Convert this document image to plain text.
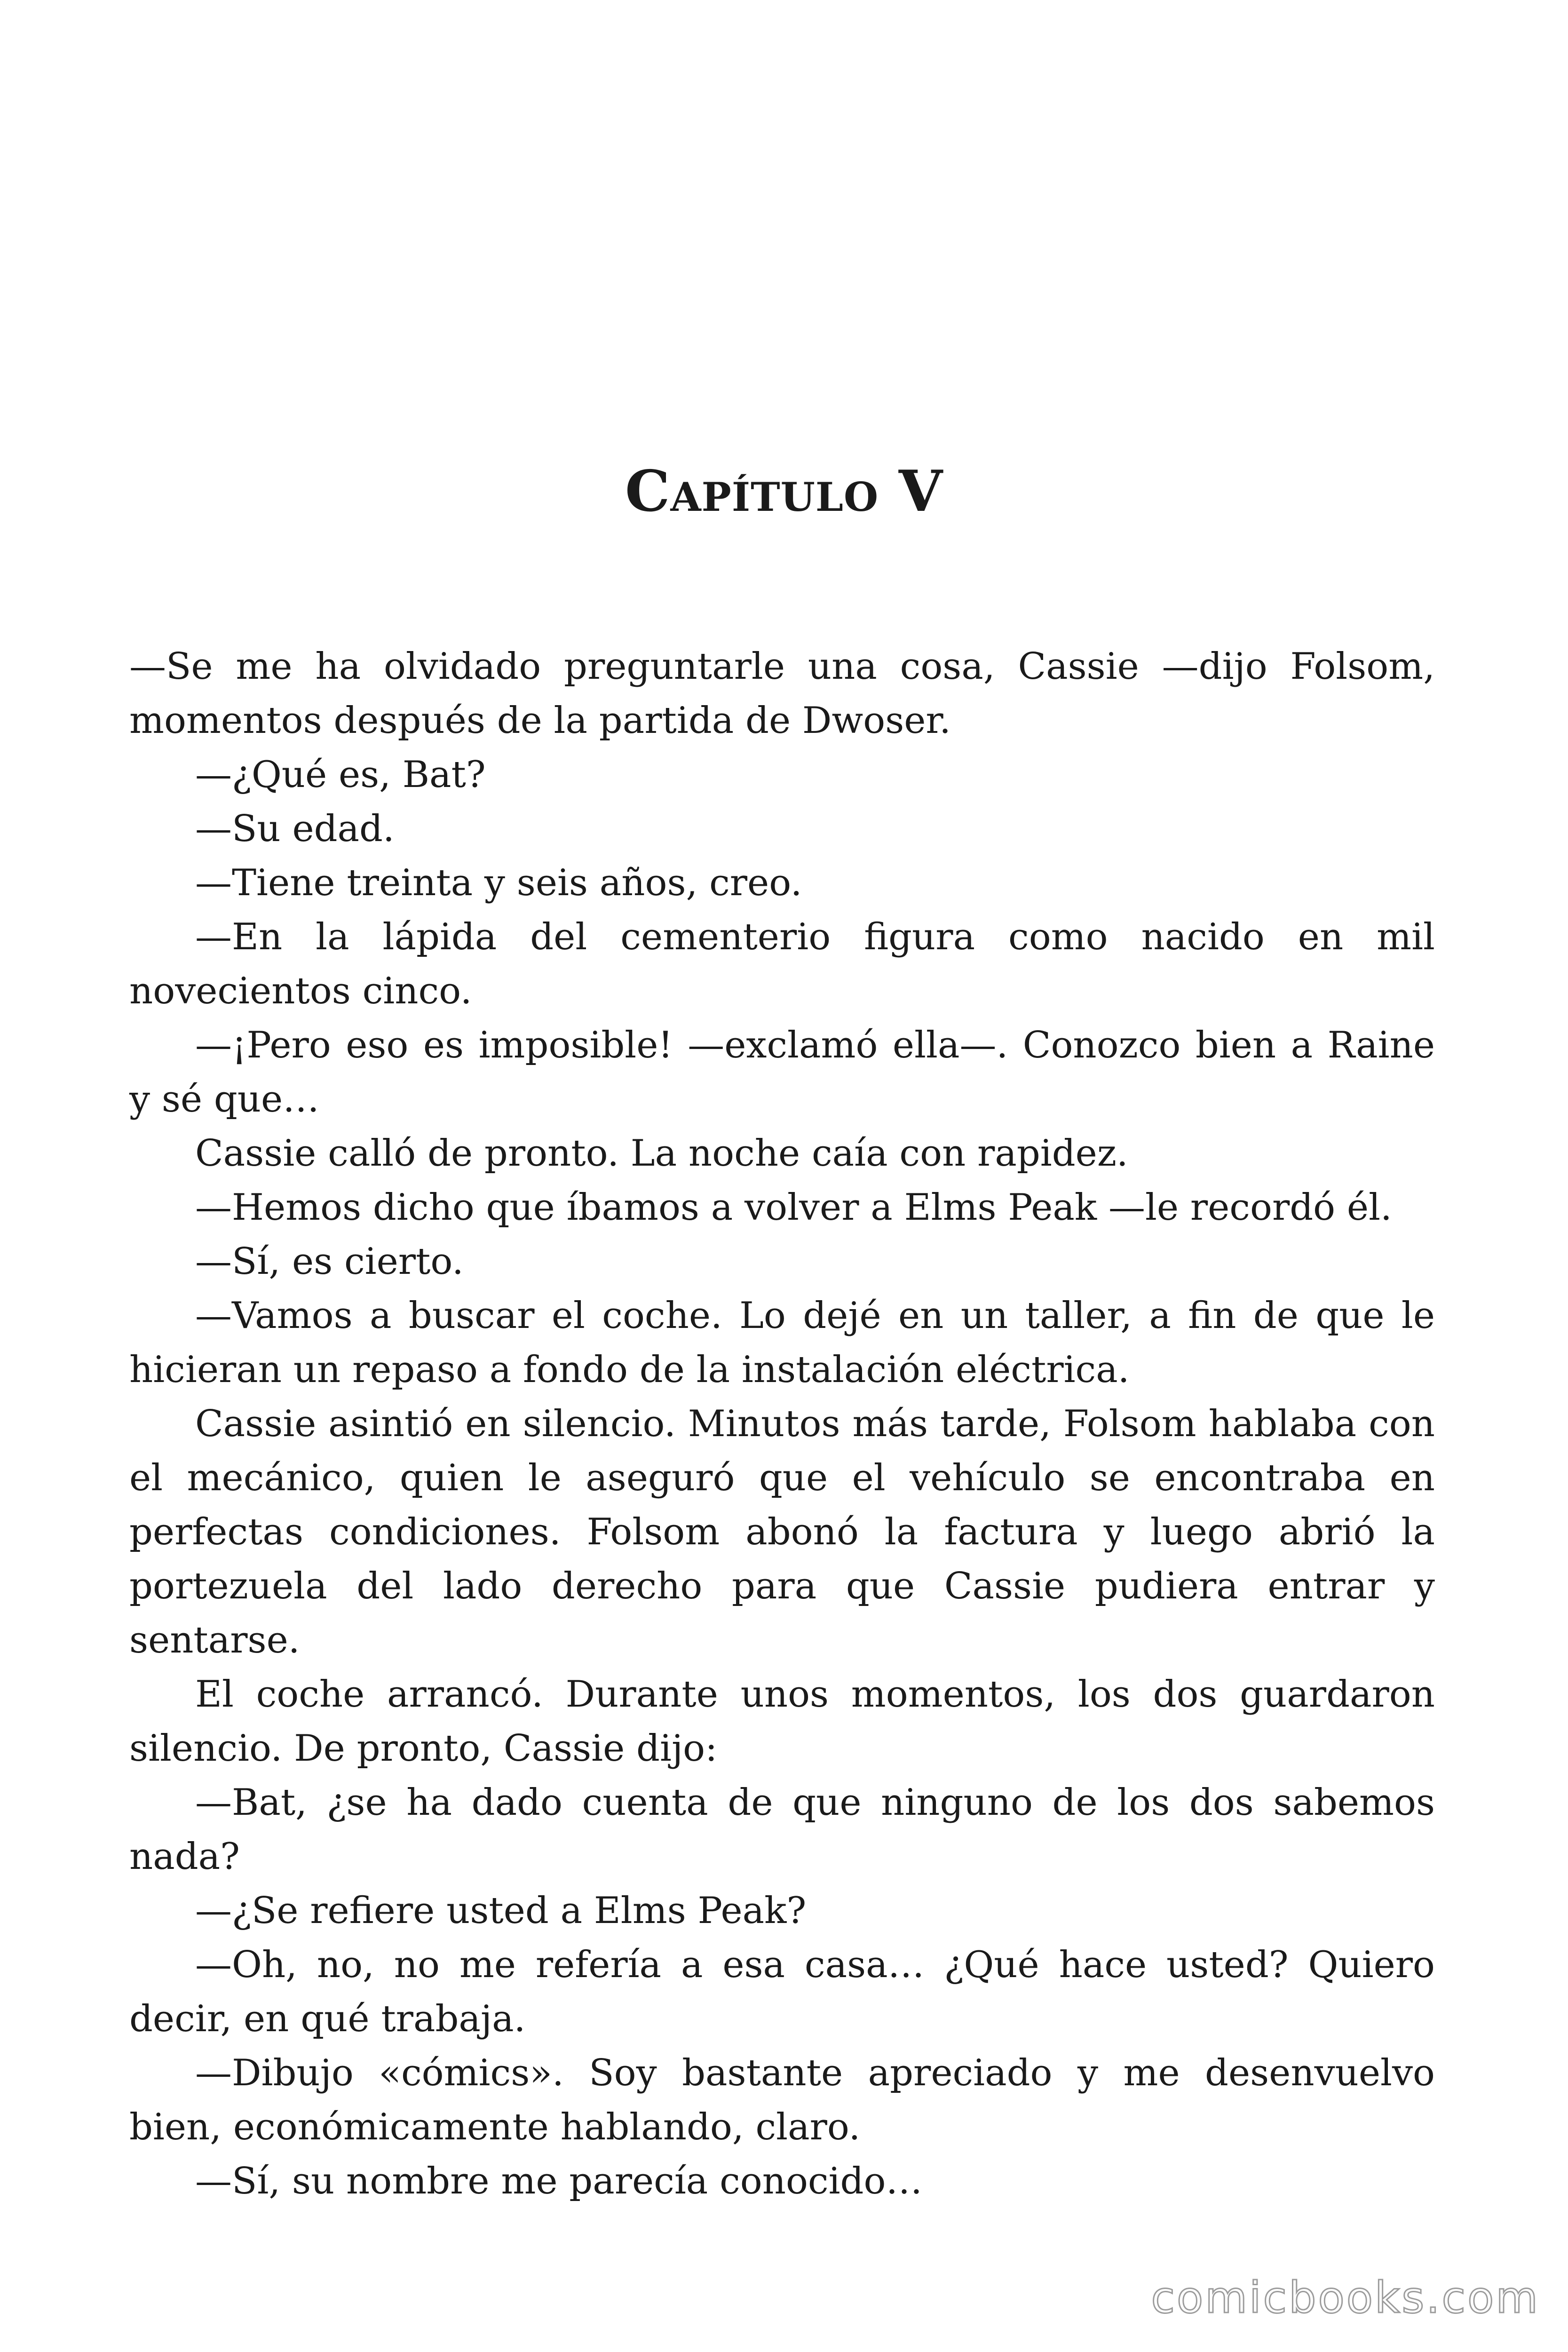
Capítulo V

—Se me ha olvidado preguntarle una cosa, Cassie —dijo Folsom, momentos después de la partida de Dwoser.

—¿Qué es, Bat?

—Su edad.

—Tiene treinta y seis años, creo.

—En la lápida del cementerio figura como nacido en mil novecientos cinco.

—¡Pero eso es imposible! —exclamó ella—. Conozco bien a Raine y sé que…

Cassie calló de pronto. La noche caía con rapidez.

—Hemos dicho que íbamos a volver a Elms Peak —le recordó él.

—Sí, es cierto.

—Vamos a buscar el coche. Lo dejé en un taller, a fin de que le hicieran un repaso a fondo de la instalación eléctrica.

Cassie asintió en silencio. Minutos más tarde, Folsom hablaba con el mecánico, quien le aseguró que el vehículo se encontraba en perfectas condiciones. Folsom abonó la factura y luego abrió la portezuela del lado derecho para que Cassie pudiera entrar y sentarse.

El coche arrancó. Durante unos momentos, los dos guardaron silencio. De pronto, Cassie dijo:

—Bat, ¿se ha dado cuenta de que ninguno de los dos sabemos nada?

—¿Se refiere usted a Elms Peak?

—Oh, no, no me refería a esa casa… ¿Qué hace usted? Quiero decir, en qué trabaja.

—Dibujo «cómics». Soy bastante apreciado y me desenvuelvo bien, económicamente hablando, claro.

—Sí, su nombre me parecía conocido…

comicbooks.com
